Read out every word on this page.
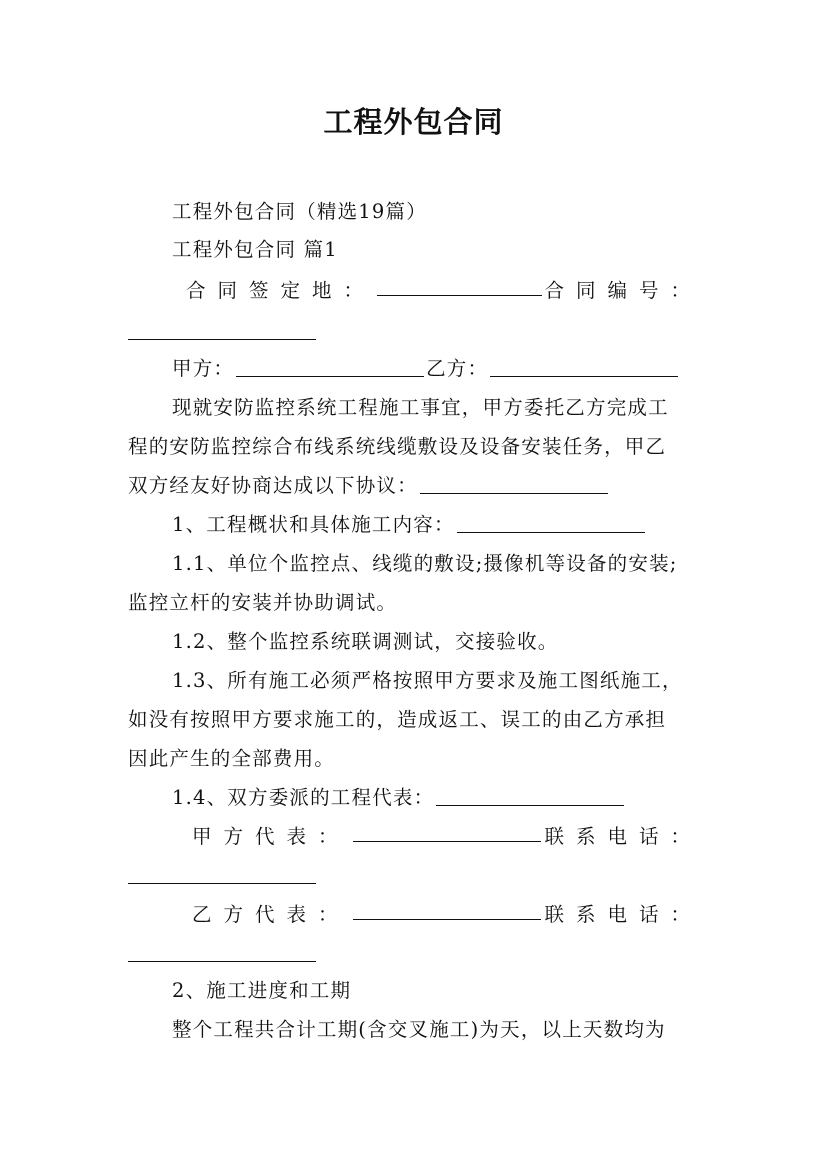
工程外包合同
工程外包合同（精选19篇）
工程外包合同 篇1
合同签定地：	合同编号：
甲方：	乙方：
现就安防监控系统工程施工事宜，甲方委托乙方完成工
程的安防监控综合布线系统线缆敷设及设备安装任务，甲乙
双方经友好协商达成以下协议：
1、工程概状和具体施工内容：
1.1、单位个监控点、线缆的敷设;摄像机等设备的安装;
监控立杆的安装并协助调试。
1.2、整个监控系统联调测试，交接验收。
1.3、所有施工必须严格按照甲方要求及施工图纸施工，
如没有按照甲方要求施工的，造成返工、误工的由乙方承担
因此产生的全部费用。
1.4、双方委派的工程代表：
甲方代表：	联系电话：
乙方代表：	联系电话：
2、施工进度和工期
整个工程共合计工期(含交叉施工)为天，以上天数均为
